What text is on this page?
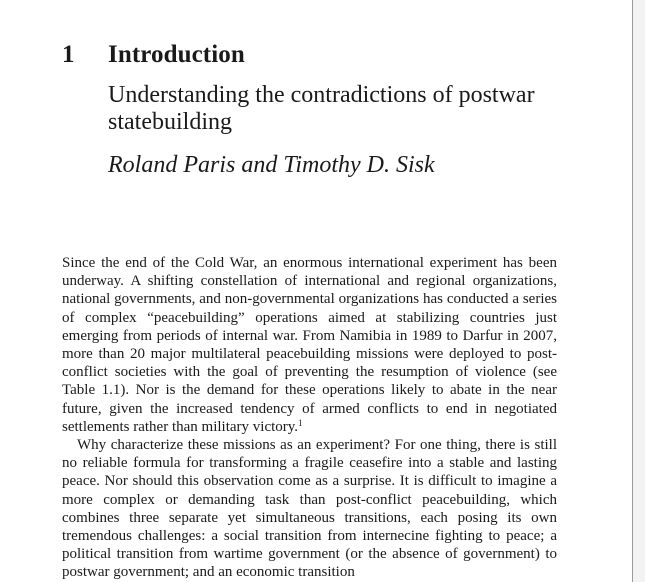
1 Introduction
Understanding the contradictions of postwar statebuilding
Roland Paris and Timothy D. Sisk

Since the end of the Cold War, an enormous international experiment has been underway. A shifting constellation of international and regional organizations, national governments, and non-governmental organizations has conducted a series of complex “peacebuilding” operations aimed at stabilizing countries just emerging from periods of internal war. From Namibia in 1989 to Darfur in 2007, more than 20 major multilateral peacebuilding missions were deployed to post-conflict societies with the goal of preventing the resumption of violence (see Table 1.1). Nor is the demand for these operations likely to abate in the near future, given the increased tendency of armed conflicts to end in negotiated settlements rather than military victory.$^1$

Why characterize these missions as an experiment? For one thing, there is still no reliable formula for transforming a fragile ceasefire into a stable and lasting peace. Nor should this observation come as a surprise. It is difficult to imagine a more complex or demanding task than post-conflict peacebuilding, which combines three separate yet simultaneous transitions, each posing its own tremendous challenges: a social transition from internecine fighting to peace; a political transition from wartime government (or the absence of government) to postwar government; and an economic transition
